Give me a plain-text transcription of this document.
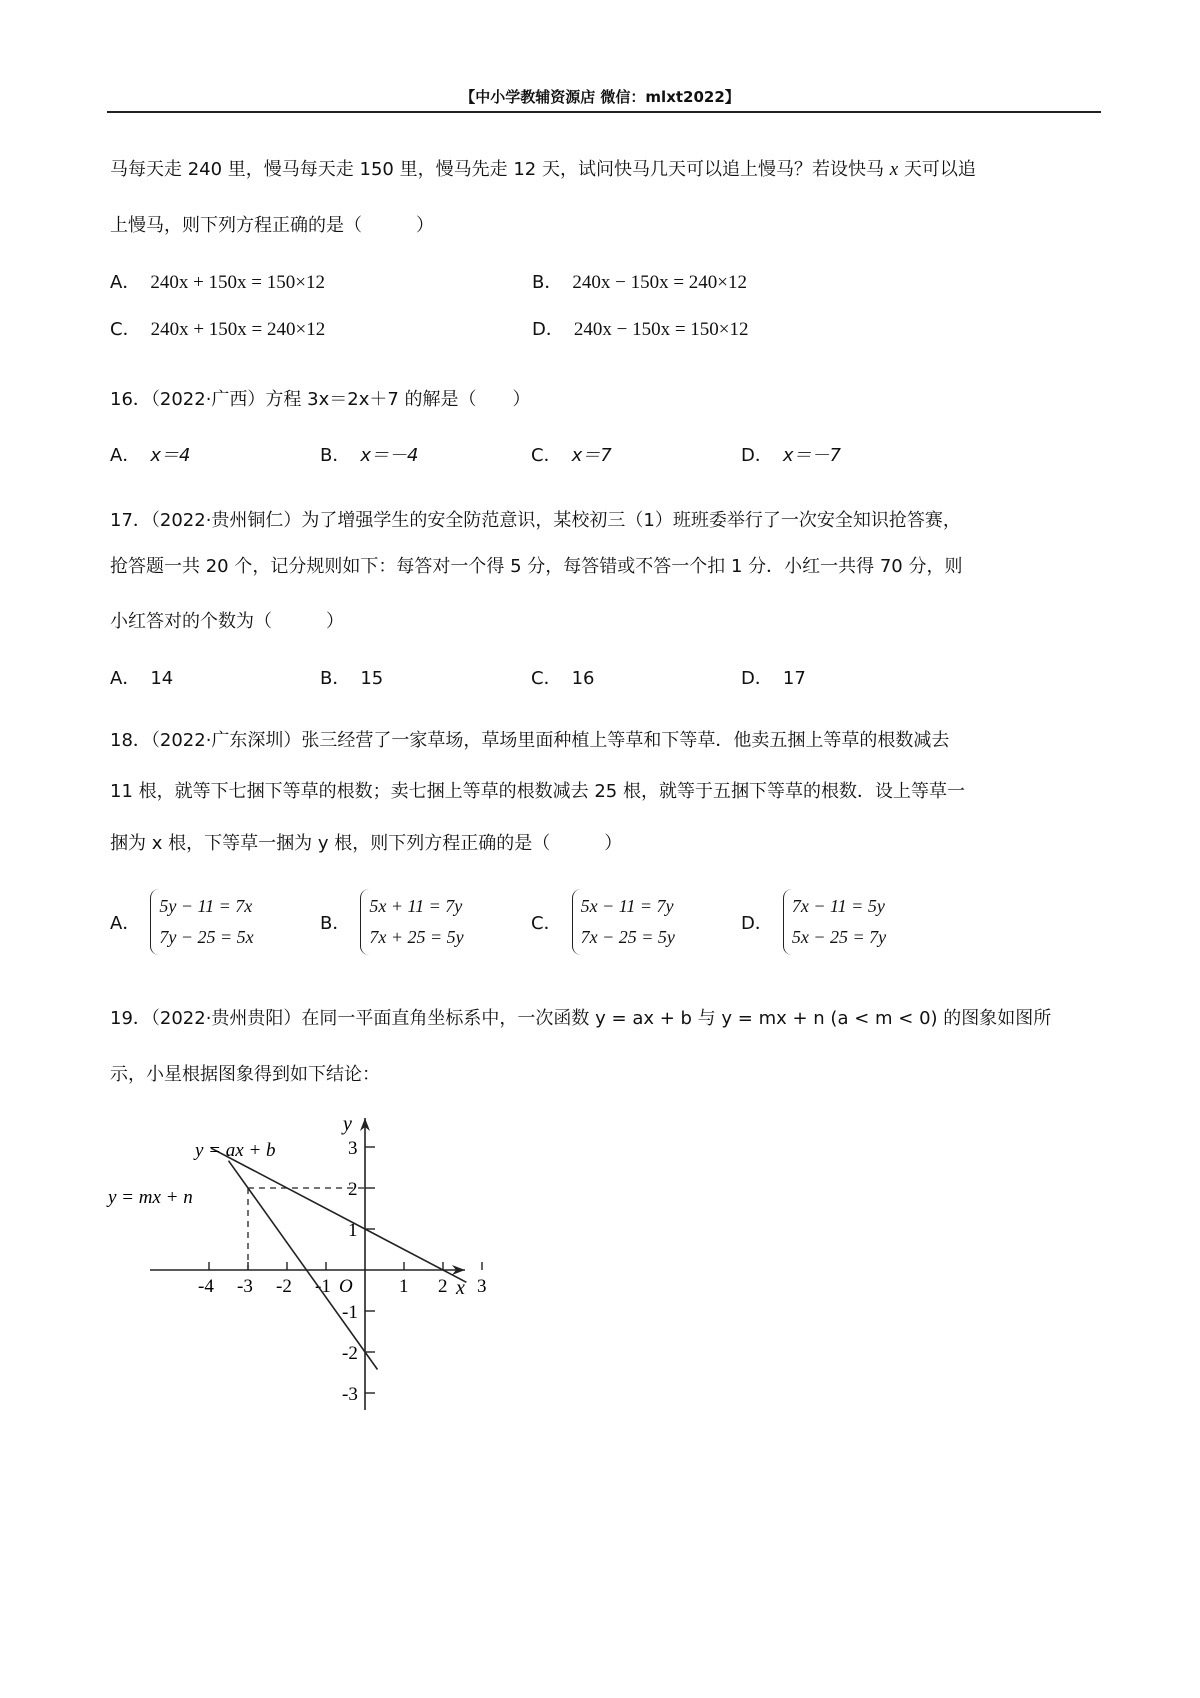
【中小学教辅资源店 微信：mlxt2022】
马每天走 240 里，慢马每天走 150 里，慢马先走 12 天，试问快马几天可以追上慢马？若设快马 x 天可以追
上慢马，则下列方程正确的是（　　　）
A． 240x + 150x = 150×12	B． 240x − 150x = 240×12
C． 240x + 150x = 240×12	D． 240x − 150x = 150×12
16．（2022·广西）方程 3x＝2x＋7 的解是（　　）
A． x＝4	B． x＝－4	C． x＝7	D． x＝－7
17．（2022·贵州铜仁）为了增强学生的安全防范意识，某校初三（1）班班委举行了一次安全知识抢答赛，
抢答题一共 20 个，记分规则如下：每答对一个得 5 分，每答错或不答一个扣 1 分．小红一共得 70 分，则
小红答对的个数为（　　　）
A． 14	B． 15	C． 16	D． 17
18．（2022·广东深圳）张三经营了一家草场，草场里面种植上等草和下等草．他卖五捆上等草的根数减去
11 根，就等下七捆下等草的根数；卖七捆上等草的根数减去 25 根，就等于五捆下等草的根数．设上等草一
捆为 x 根，下等草一捆为 y 根，则下列方程正确的是（　　　）
A．
5y − 11 = 7x
7y − 25 = 5x
B．
5x + 11 = 7y
7x + 25 = 5y
C．
5x − 11 = 7y
7x − 25 = 5y
D．
7x − 11 = 5y
5x − 25 = 7y
19．（2022·贵州贵阳）在同一平面直角坐标系中，一次函数 y = ax + b 与 y = mx + n (a < m < 0) 的图象如图所
示，小星根据图象得到如下结论：
-4 -3 -2 -1	1 2 3
3
2
1
-1
-2
-3
x
y
O
y = ax + b
y = mx + n
